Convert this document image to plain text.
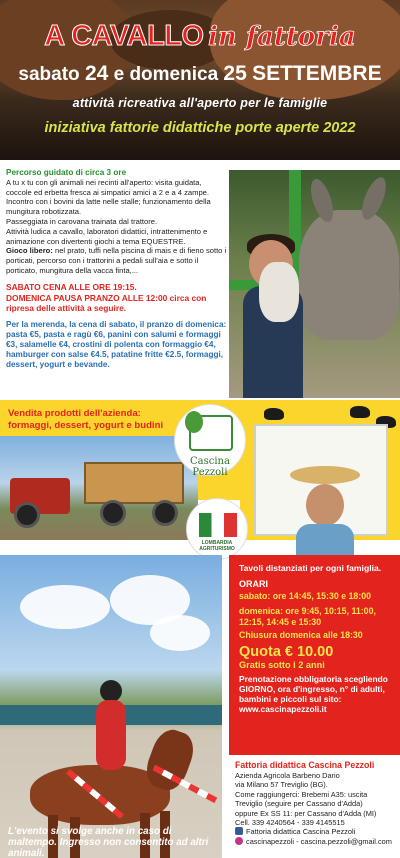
A CAVALLO in fattoria
sabato 24 e domenica 25 SETTEMBRE
attività ricreativa all'aperto per le famiglie
iniziativa fattorie didattiche porte aperte 2022

Percorso guidato di circa 3 ore
A tu x tu con gli animali nei recinti all'aperto: visita guidata, coccole ed erbetta fresca ai simpatici amici a 2 e a 4 zampe. Incontro con i bovini da latte nelle stalle; funzionamento della mungitura robotizzata.
Passeggiata in carovana trainata dal trattore.
Attività ludica a cavallo, laboratori didattici, intrattenimento e animazione con divertenti giochi a tema EQUESTRE.
Gioco libero: nel prato, tuffi nella piscina di mais e di fieno sotto i porticati, percorso con i trattorini a pedali sull'aia e sotto il porticato, mungitura della vacca finta,...

SABATO CENA ALLE ORE 19:15.
DOMENICA PAUSA PRANZO ALLE 12:00 circa con ripresa delle attività a seguire.

Per la merenda, la cena di sabato, il pranzo di domenica: pasta €5, pasta e ragù €6, panini con salumi e formaggi €3, salamelle €4, crostini di polenta con formaggio €4, hamburger con salse €4.5, patatine fritte €2.5, formaggi, dessert, yogurt e bevande.

Vendita prodotti dell'azienda:
formaggi, dessert, yogurt e budini
Cascina Pezzoli
LOMBARDIA
AGRITURISMO
L'evento si svolge anche in caso di maltempo. Ingresso non consentito ad altri animali.
Tavoli distanziati per ogni famiglia.
ORARI
sabato: ore 14:45, 15:30 e 18:00
domenica: ore 9:45, 10:15, 11:00, 12:15, 14:45 e 15:30
Chiusura domenica alle 18:30
Quota € 10.00
Gratis sotto i 2 anni
Prenotazione obbligatoria scegliendo GIORNO, ora d'ingresso, n° di adulti, bambini e piccoli sul sito: www.cascinapezzoli.it
Fattoria didattica Cascina Pezzoli
Azienda Agricola Barbeno Dario
via Milano 57 Treviglio (BG).
Come raggiungerci: Brebemi A35: uscita
Treviglio (seguire per Cassano d'Adda)
oppure Ex SS 11: per Cassano d'Adda (MI)
Cell. 339 4240564 - 339 4145515
Fattoria didattica Cascina Pezzoli
cascinapezzoli - cascina.pezzoli@gmail.com
